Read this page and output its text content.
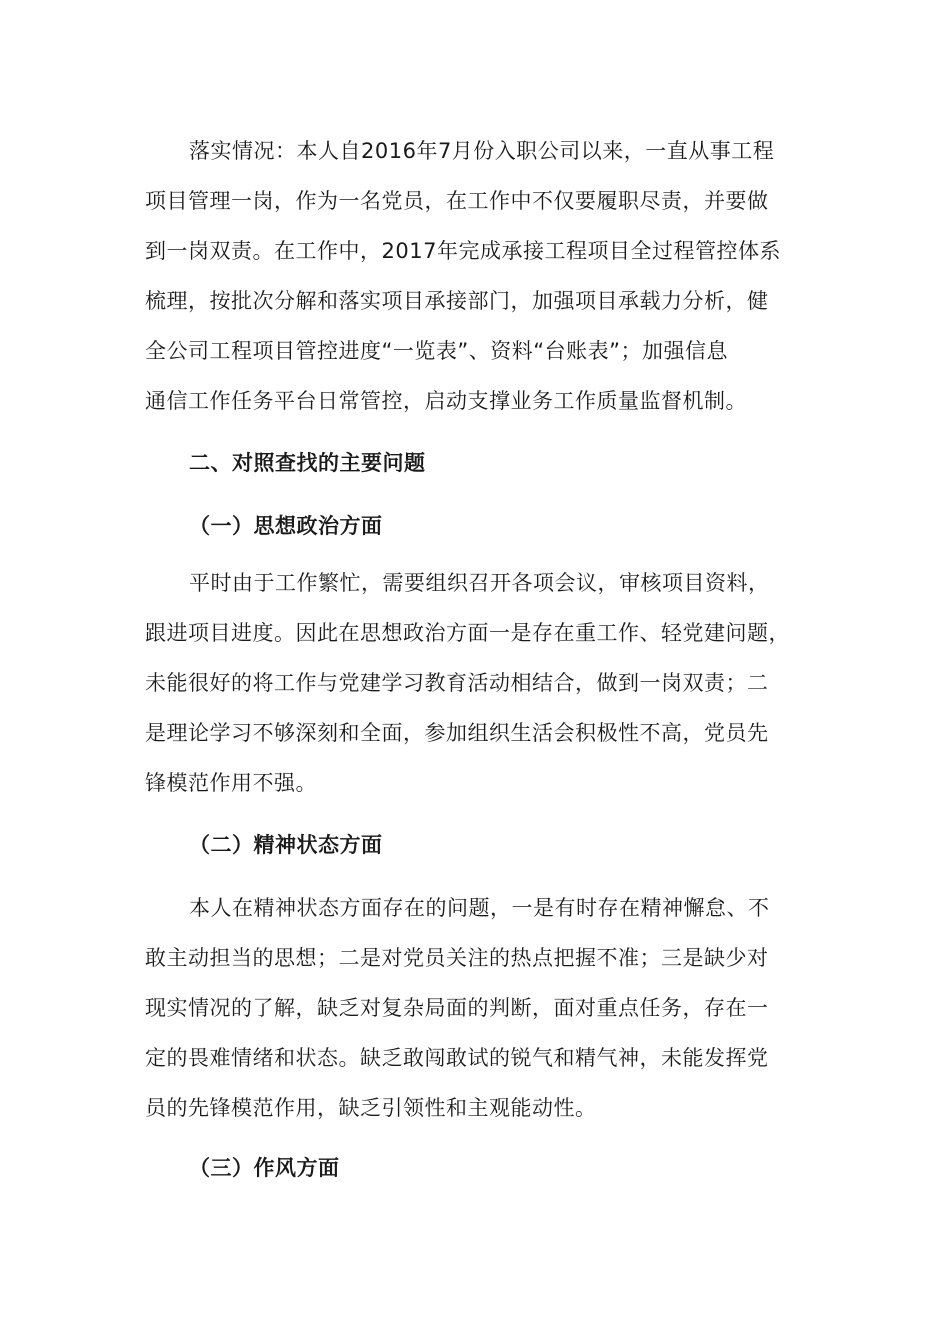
落实情况：本人自2016年7月份入职公司以来，一直从事工程
项目管理一岗，作为一名党员，在工作中不仅要履职尽责，并要做
到一岗双责。在工作中，2017年完成承接工程项目全过程管控体系
梳理，按批次分解和落实项目承接部门，加强项目承载力分析，健
全公司工程项目管控进度“一览表”、资料“台账表”；加强信息
通信工作任务平台日常管控，启动支撑业务工作质量监督机制。
二、对照查找的主要问题
（一）思想政治方面
平时由于工作繁忙，需要组织召开各项会议，审核项目资料，
跟进项目进度。因此在思想政治方面一是存在重工作、轻党建问题，
未能很好的将工作与党建学习教育活动相结合，做到一岗双责；二
是理论学习不够深刻和全面，参加组织生活会积极性不高，党员先
锋模范作用不强。
（二）精神状态方面
本人在精神状态方面存在的问题，一是有时存在精神懈怠、不
敢主动担当的思想；二是对党员关注的热点把握不准；三是缺少对
现实情况的了解，缺乏对复杂局面的判断，面对重点任务，存在一
定的畏难情绪和状态。缺乏敢闯敢试的锐气和精气神，未能发挥党
员的先锋模范作用，缺乏引领性和主观能动性。
（三）作风方面
